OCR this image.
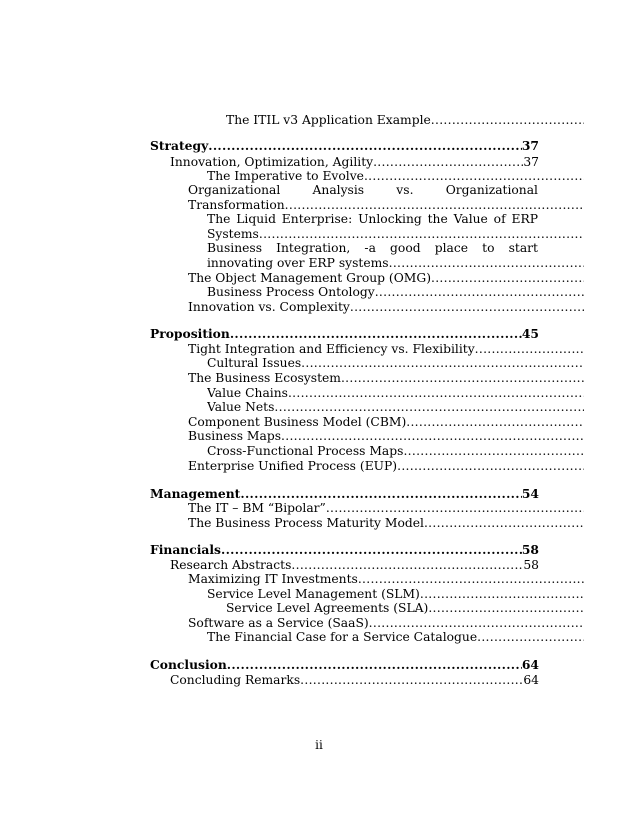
The ITIL v3 Application Example
.....
Strategy .....	37
Innovation, Optimization, Agility .....	37
The Imperative to Evolve
.....
Organizational Analysis vs. Organizational
Transformation
.....
The Liquid Enterprise: Unlocking the Value of ERP
Systems
.....
Business Integration, -a good place to start
innovating over ERP systems
.....
The Object Management Group (OMG)
.....
Business Process Ontology
.....
Innovation vs. Complexity
.....
Proposition .....	45
Tight Integration and Efficiency vs. Flexibility
.....
Cultural Issues
.....
The Business Ecosystem
.....
Value Chains
.....
Value Nets
.....
Component Business Model (CBM)
.....
Business Maps
.....
Cross-Functional Process Maps
.....
Enterprise Unified Process (EUP)
.....
Management .....	54
The IT – BM “Bipolar”
.....
The Business Process Maturity Model
.....
Financials .....	58
Research Abstracts .....	58
Maximizing IT Investments
.....
Service Level Management (SLM)
.....
Service Level Agreements (SLA)
.....
Software as a Service (SaaS)
.....
The Financial Case for a Service Catalogue
.....
Conclusion .....	64
Concluding Remarks .....	64
ii
